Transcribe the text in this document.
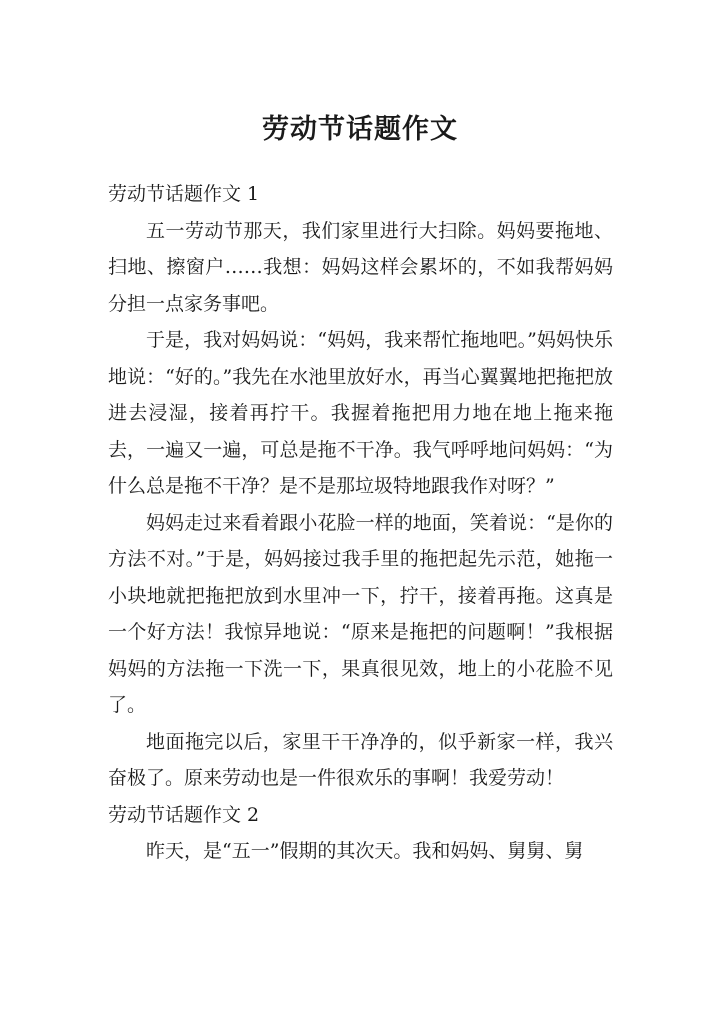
劳动节话题作文
劳动节话题作文 1

五一劳动节那天，我们家里进行大扫除。妈妈要拖地、扫地、擦窗户……我想：妈妈这样会累坏的，不如我帮妈妈分担一点家务事吧。

于是，我对妈妈说：“妈妈，我来帮忙拖地吧。”妈妈快乐地说：“好的。”我先在水池里放好水，再当心翼翼地把拖把放进去浸湿，接着再拧干。我握着拖把用力地在地上拖来拖去，一遍又一遍，可总是拖不干净。我气呼呼地问妈妈：“为什么总是拖不干净？是不是那垃圾特地跟我作对呀？”

妈妈走过来看着跟小花脸一样的地面，笑着说：“是你的方法不对。”于是，妈妈接过我手里的拖把起先示范，她拖一小块地就把拖把放到水里冲一下，拧干，接着再拖。这真是一个好方法！我惊异地说：“原来是拖把的问题啊！”我根据妈妈的方法拖一下洗一下，果真很见效，地上的小花脸不见了。

地面拖完以后，家里干干净净的，似乎新家一样，我兴奋极了。原来劳动也是一件很欢乐的事啊！我爱劳动！

劳动节话题作文 2

昨天，是“五一”假期的其次天。我和妈妈、舅舅、舅
